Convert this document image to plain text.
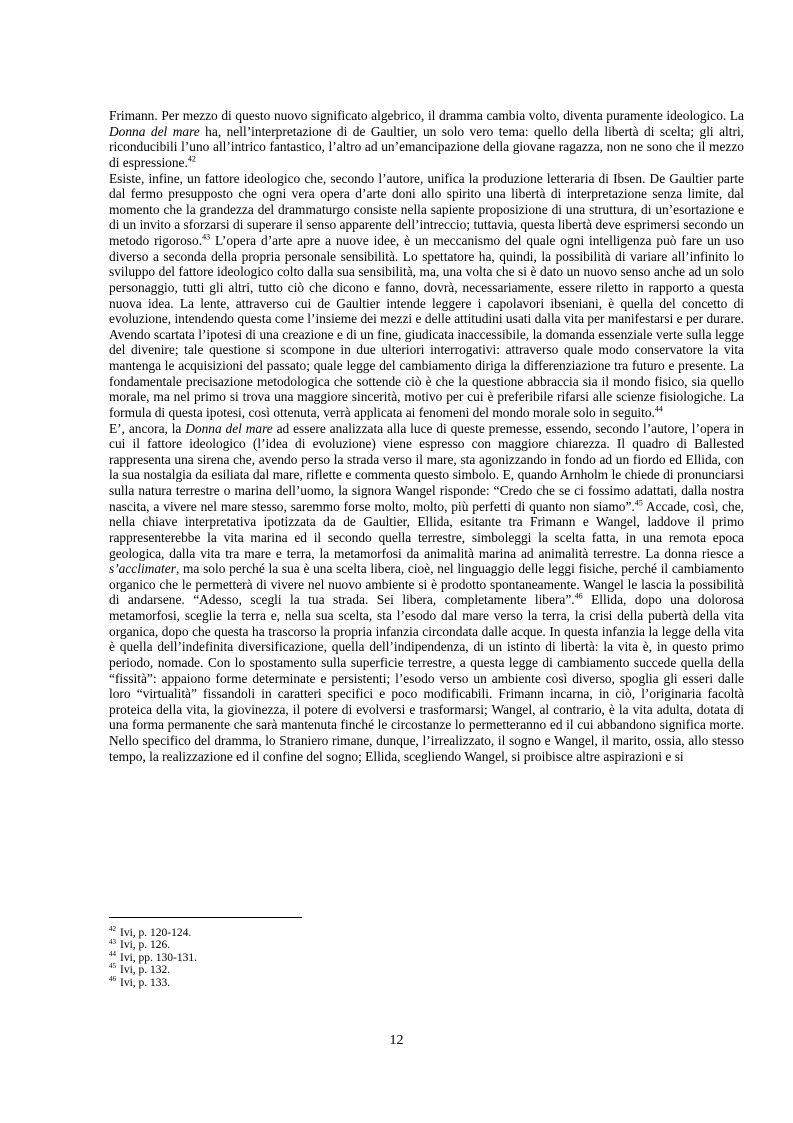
Frimann. Per mezzo di questo nuovo significato algebrico, il dramma cambia volto, diventa puramente ideologico. La Donna del mare ha, nell’interpretazione di de Gaultier, un solo vero tema: quello della libertà di scelta; gli altri, riconducibili l’uno all’intrico fantastico, l’altro ad un’emancipazione della giovane ragazza, non ne sono che il mezzo di espressione.$^{42}$

Esiste, infine, un fattore ideologico che, secondo l’autore, unifica la produzione letteraria di Ibsen. De Gaultier parte dal fermo presupposto che ogni vera opera d’arte doni allo spirito una libertà di interpretazione senza limite, dal momento che la grandezza del drammaturgo consiste nella sapiente proposizione di una struttura, di un’esortazione e di un invito a sforzarsi di superare il senso apparente dell’intreccio; tuttavia, questa libertà deve esprimersi secondo un metodo rigoroso.$^{43}$ L’opera d’arte apre a nuove idee, è un meccanismo del quale ogni intelligenza può fare un uso diverso a seconda della propria personale sensibilità. Lo spettatore ha, quindi, la possibilità di variare all’infinito lo sviluppo del fattore ideologico colto dalla sua sensibilità, ma, una volta che si è dato un nuovo senso anche ad un solo personaggio, tutti gli altri, tutto ciò che dicono e fanno, dovrà, necessariamente, essere riletto in rapporto a questa nuova idea. La lente, attraverso cui de Gaultier intende leggere i capolavori ibseniani, è quella del concetto di evoluzione, intendendo questa come l’insieme dei mezzi e delle attitudini usati dalla vita per manifestarsi e per durare. Avendo scartata l’ipotesi di una creazione e di un fine, giudicata inaccessibile, la domanda essenziale verte sulla legge del divenire; tale questione si scompone in due ulteriori interrogativi: attraverso quale modo conservatore la vita mantenga le acquisizioni del passato; quale legge del cambiamento diriga la differenziazione tra futuro e presente. La fondamentale precisazione metodologica che sottende ciò è che la questione abbraccia sia il mondo fisico, sia quello morale, ma nel primo si trova una maggiore sincerità, motivo per cui è preferibile rifarsi alle scienze fisiologiche. La formula di questa ipotesi, così ottenuta, verrà applicata ai fenomeni del mondo morale solo in seguito.$^{44}$

E’, ancora, la Donna del mare ad essere analizzata alla luce di queste premesse, essendo, secondo l’autore, l’opera in cui il fattore ideologico (l’idea di evoluzione) viene espresso con maggiore chiarezza. Il quadro di Ballested rappresenta una sirena che, avendo perso la strada verso il mare, sta agonizzando in fondo ad un fiordo ed Ellida, con la sua nostalgia da esiliata dal mare, riflette e commenta questo simbolo. E, quando Arnholm le chiede di pronunciarsi sulla natura terrestre o marina dell’uomo, la signora Wangel risponde: “Credo che se ci fossimo adattati, dalla nostra nascita, a vivere nel mare stesso, saremmo forse molto, molto, più perfetti di quanto non siamo”.$^{45}$ Accade, così, che, nella chiave interpretativa ipotizzata da de Gaultier, Ellida, esitante tra Frimann e Wangel, laddove il primo rappresenterebbe la vita marina ed il secondo quella terrestre, simboleggi la scelta fatta, in una remota epoca geologica, dalla vita tra mare e terra, la metamorfosi da animalità marina ad animalità terrestre. La donna riesce a s’acclimater, ma solo perché la sua è una scelta libera, cioè, nel linguaggio delle leggi fisiche, perché il cambiamento organico che le permetterà di vivere nel nuovo ambiente si è prodotto spontaneamente. Wangel le lascia la possibilità di andarsene. “Adesso, scegli la tua strada. Sei libera, completamente libera”.$^{46}$ Ellida, dopo una dolorosa metamorfosi, sceglie la terra e, nella sua scelta, sta l’esodo dal mare verso la terra, la crisi della pubertà della vita organica, dopo che questa ha trascorso la propria infanzia circondata dalle acque. In questa infanzia la legge della vita è quella dell’indefinita diversificazione, quella dell’indipendenza, di un istinto di libertà: la vita è, in questo primo periodo, nomade. Con lo spostamento sulla superficie terrestre, a questa legge di cambiamento succede quella della “fissità”: appaiono forme determinate e persistenti; l’esodo verso un ambiente così diverso, spoglia gli esseri dalle loro “virtualità” fissandoli in caratteri specifici e poco modificabili. Frimann incarna, in ciò, l’originaria facoltà proteica della vita, la giovinezza, il potere di evolversi e trasformarsi; Wangel, al contrario, è la vita adulta, dotata di una forma permanente che sarà mantenuta finché le circostanze lo permetteranno ed il cui abbandono significa morte. Nello specifico del dramma, lo Straniero rimane, dunque, l’irrealizzato, il sogno e Wangel, il marito, ossia, allo stesso tempo, la realizzazione ed il confine del sogno; Ellida, scegliendo Wangel, si proibisce altre aspirazioni e si

$^{42}$ Ivi, p. 120-124.

$^{43}$ Ivi, p. 126.

$^{44}$ Ivi, pp. 130-131.

$^{45}$ Ivi, p. 132.

$^{46}$ Ivi, p. 133.

12
